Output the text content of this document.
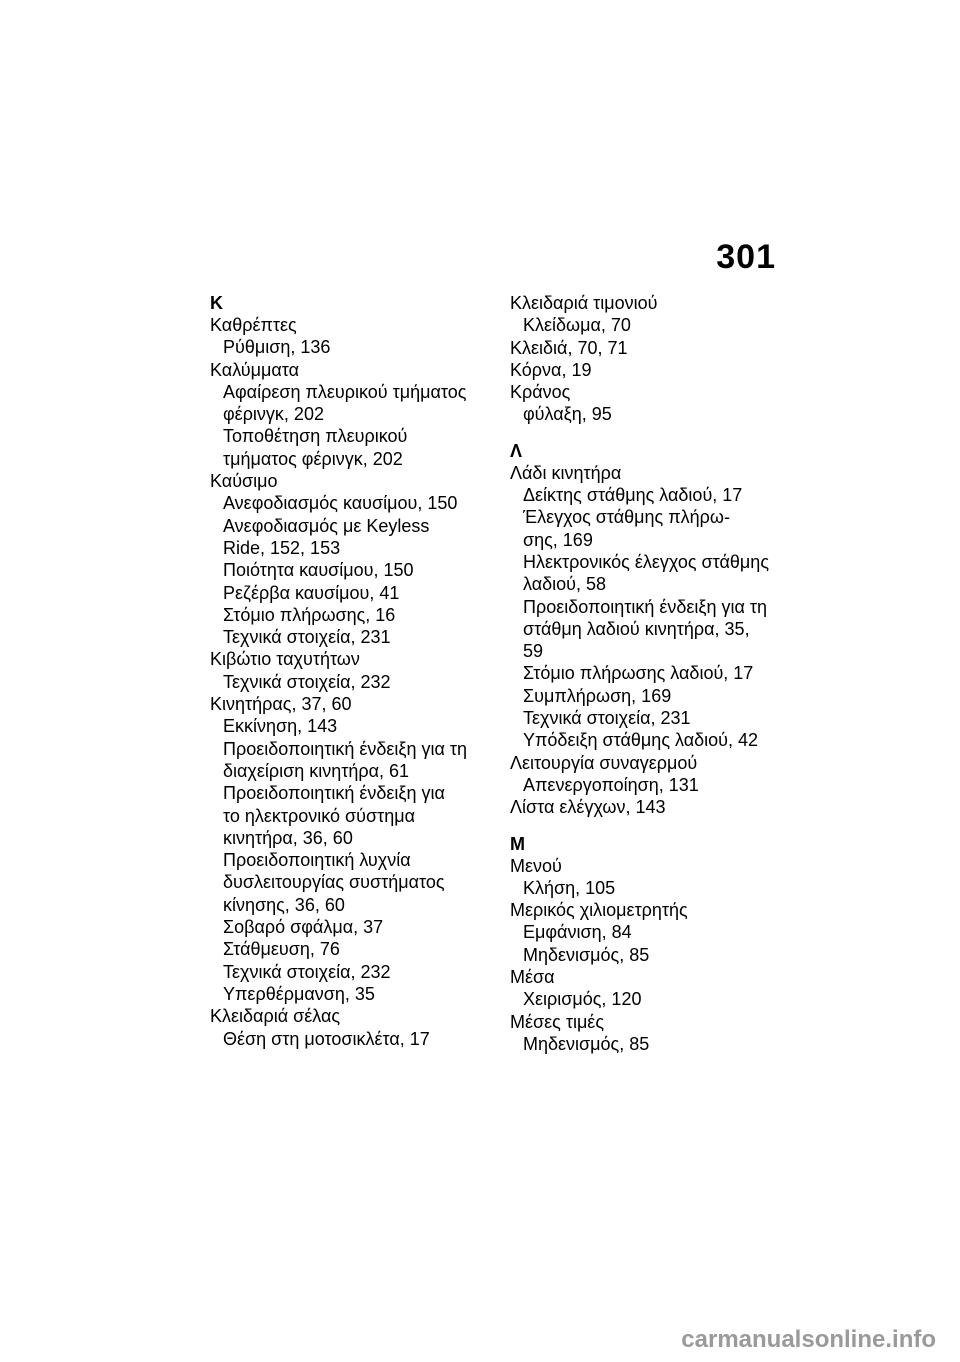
301
Κ
Καθρέπτες
Ρύθμιση, 136
Καλύμματα
Αφαίρεση πλευρικού τμήματος
φέρινγκ, 202
Τοποθέτηση πλευρικού
τμήματος φέρινγκ, 202
Καύσιμο
Ανεφοδιασμός καυσίμου, 150
Ανεφοδιασμός με Keyless
Ride, 152, 153
Ποιότητα καυσίμου, 150
Ρεζέρβα καυσίμου, 41
Στόμιο πλήρωσης, 16
Τεχνικά στοιχεία, 231
Κιβώτιο ταχυτήτων
Τεχνικά στοιχεία, 232
Κινητήρας, 37, 60
Εκκίνηση, 143
Προειδοποιητική ένδειξη για τη
διαχείριση κινητήρα, 61
Προειδοποιητική ένδειξη για
το ηλεκτρονικό σύστημα
κινητήρα, 36, 60
Προειδοποιητική λυχνία
δυσλειτουργίας συστήματος
κίνησης, 36, 60
Σοβαρό σφάλμα, 37
Στάθμευση, 76
Τεχνικά στοιχεία, 232
Υπερθέρμανση, 35
Κλειδαριά σέλας
Θέση στη μοτοσικλέτα, 17
Κλειδαριά τιμονιού
Κλείδωμα, 70
Κλειδιά, 70, 71
Κόρνα, 19
Κράνος
φύλαξη, 95
Λ
Λάδι κινητήρα
Δείκτης στάθμης λαδιού, 17
Έλεγχος στάθμης πλήρω-
σης, 169
Ηλεκτρονικός έλεγχος στάθμης
λαδιού, 58
Προειδοποιητική ένδειξη για τη
στάθμη λαδιού κινητήρα, 35,
59
Στόμιο πλήρωσης λαδιού, 17
Συμπλήρωση, 169
Τεχνικά στοιχεία, 231
Υπόδειξη στάθμης λαδιού, 42
Λειτουργία συναγερμού
Απενεργοποίηση, 131
Λίστα ελέγχων, 143
Μ
Μενού
Κλήση, 105
Μερικός χιλιομετρητής
Εμφάνιση, 84
Μηδενισμός, 85
Μέσα
Χειρισμός, 120
Μέσες τιμές
Μηδενισμός, 85
carmanualsonline.info
